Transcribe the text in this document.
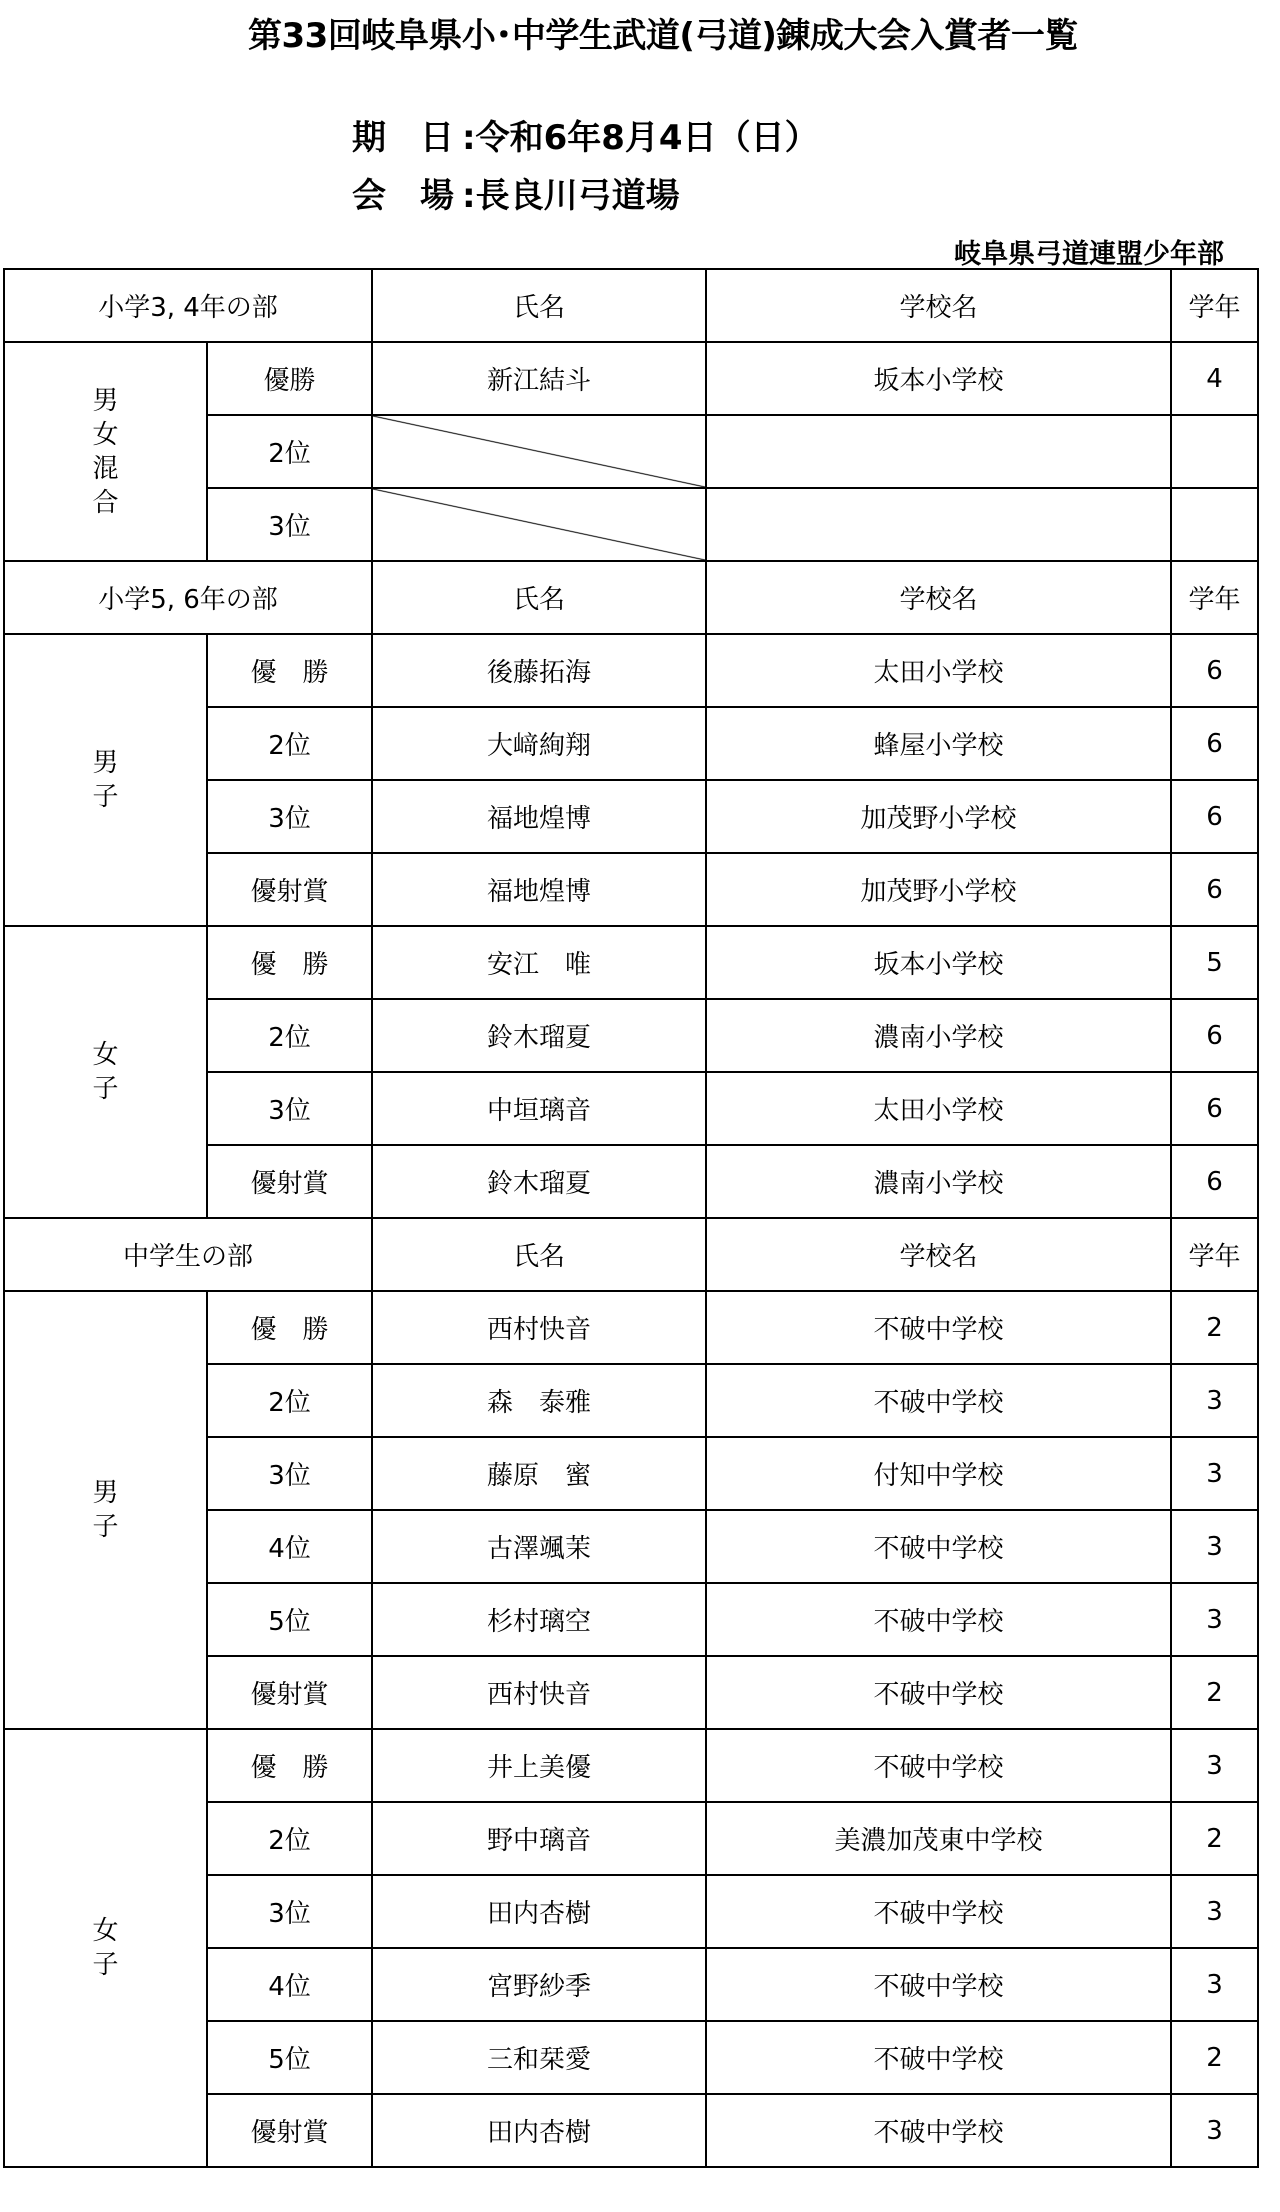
第33回岐阜県小･中学生武道(弓道)錬成大会入賞者一覧
期　日 :令和6年8月4日（日）
会　場 :長良川弓道場
岐阜県弓道連盟少年部
小学3, 4年の部		氏名	学校名	学年

男
女
混
合	優勝	新江結斗	坂本小学校	4
	2位			
	3位			
小学5, 6年の部		氏名	学校名	学年

男
子	優　勝	後藤拓海	太田小学校	6
	2位	大﨑絢翔	蜂屋小学校	6
	3位	福地煌博	加茂野小学校	6
	優射賞	福地煌博	加茂野小学校	6

女
子	優　勝	安江　唯	坂本小学校	5
	2位	鈴木瑠夏	濃南小学校	6
	3位	中垣璃音	太田小学校	6
	優射賞	鈴木瑠夏	濃南小学校	6
中学生の部		氏名	学校名	学年

男
子	優　勝	西村快音	不破中学校	2
	2位	森　泰雅	不破中学校	3
	3位	藤原　蜜	付知中学校	3
	4位	古澤颯茉	不破中学校	3
	5位	杉村璃空	不破中学校	3
	優射賞	西村快音	不破中学校	2

女
子	優　勝	井上美優	不破中学校	3
	2位	野中璃音	美濃加茂東中学校	2
	3位	田内杏樹	不破中学校	3
	4位	宮野紗季	不破中学校	3
	5位	三和栞愛	不破中学校	2
	優射賞	田内杏樹	不破中学校	3
